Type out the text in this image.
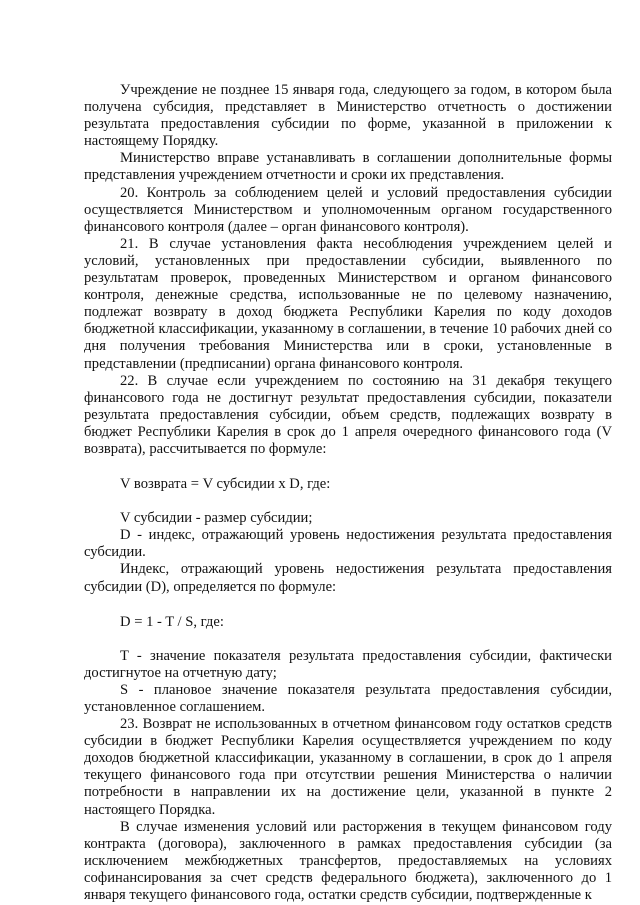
Учреждение не позднее 15 января года, следующего за годом, в котором была получена субсидия, представляет в Министерство отчетность о достижении результата предоставления субсидии по форме, указанной в приложении к настоящему Порядку.

Министерство вправе устанавливать в соглашении дополнительные формы представления учреждением отчетности и сроки их представления.

20. Контроль за соблюдением целей и условий предоставления субсидии осуществляется Министерством и уполномоченным органом государственного финансового контроля (далее – орган финансового контроля).

21. В случае установления факта несоблюдения учреждением целей и условий, установленных при предоставлении субсидии, выявленного по результатам проверок, проведенных Министерством и органом финансового контроля, денежные средства, использованные не по целевому назначению, подлежат возврату в доход бюджета Республики Карелия по коду доходов бюджетной классификации, указанному в соглашении, в течение 10 рабочих дней со дня получения требования Министерства или в сроки, установленные в представлении (предписании) органа финансового контроля.

22. В случае если учреждением по состоянию на 31 декабря текущего финансового года не достигнут результат предоставления субсидии, показатели результата предоставления субсидии, объем средств, подлежащих возврату в бюджет Республики Карелия в срок до 1 апреля очередного финансового года (V возврата), рассчитывается по формуле:

V возврата = V субсидии x D, где:

V субсидии - размер субсидии;

D - индекс, отражающий уровень недостижения результата предоставления субсидии.

Индекс, отражающий уровень недостижения результата предоставления субсидии (D), определяется по формуле:

D = 1 - T / S, где:

T - значение показателя результата предоставления субсидии, фактически достигнутое на отчетную дату;

S - плановое значение показателя результата предоставления субсидии, установленное соглашением.

23. Возврат не использованных в отчетном финансовом году остатков средств субсидии в бюджет Республики Карелия осуществляется учреждением по коду доходов бюджетной классификации, указанному в соглашении, в срок до 1 апреля текущего финансового года при отсутствии решения Министерства о наличии потребности в направлении их на достижение цели, указанной в пункте 2 настоящего Порядка.

В случае изменения условий или расторжения в текущем финансовом году контракта (договора), заключенного в рамках предоставления субсидии (за исключением межбюджетных трансфертов, предоставляемых на условиях софинансирования за счет средств федерального бюджета), заключенного до 1 января текущего финансового года, остатки средств субсидии, подтвержденные к
